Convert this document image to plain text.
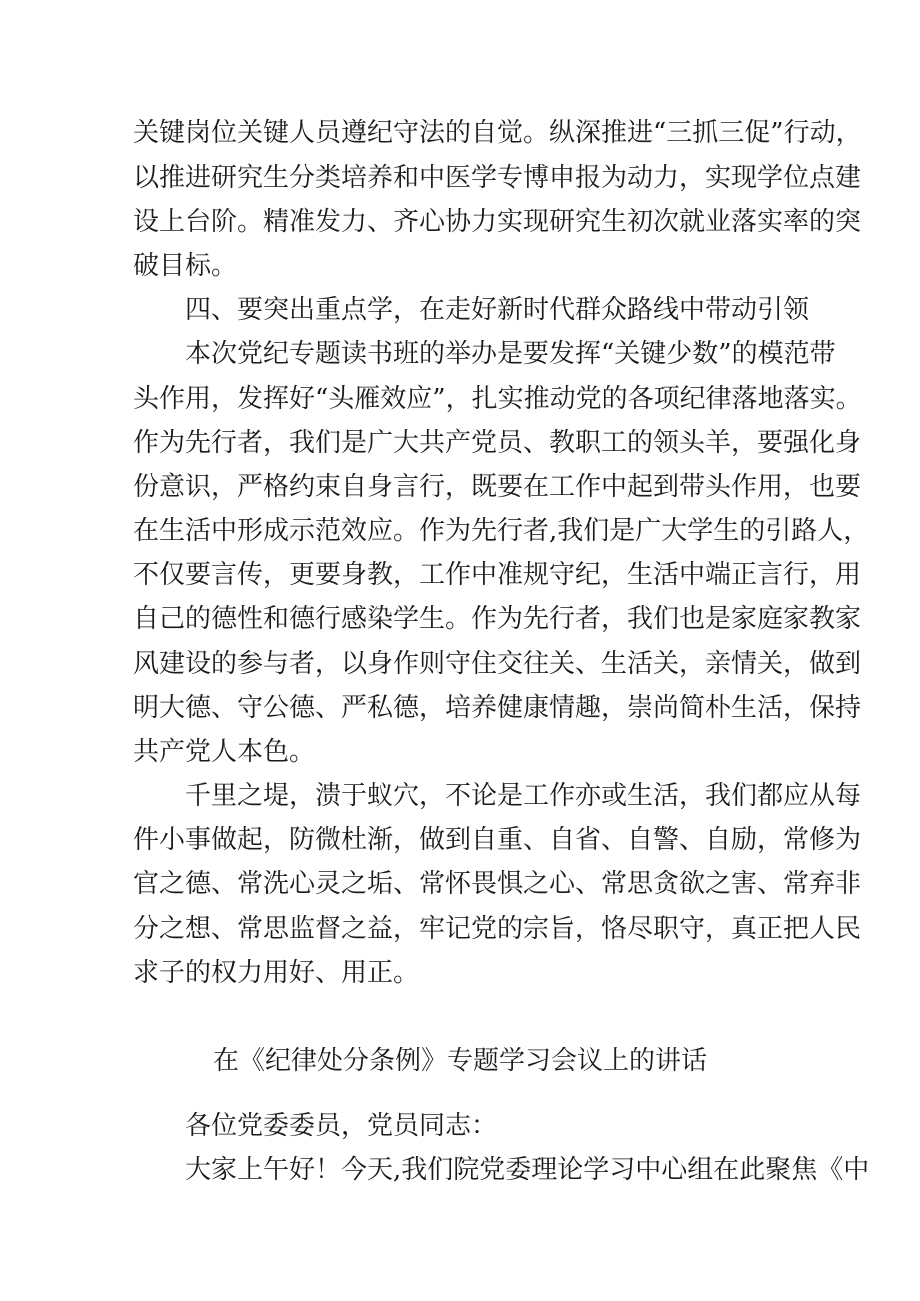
关键岗位关键人员遵纪守法的自觉。纵深推进“三抓三促”行动，
以推进研究生分类培养和中医学专博申报为动力，实现学位点建
设上台阶。精准发力、齐心协力实现研究生初次就业落实率的突
破目标。
四、要突出重点学，在走好新时代群众路线中带动引领
本次党纪专题读书班的举办是要发挥“关键少数”的模范带
头作用，发挥好“头雁效应”，扎实推动党的各项纪律落地落实。
作为先行者，我们是广大共产党员、教职工的领头羊，要强化身
份意识，严格约束自身言行，既要在工作中起到带头作用，也要
在生活中形成示范效应。作为先行者,我们是广大学生的引路人，
不仅要言传，更要身教，工作中准规守纪，生活中端正言行，用
自己的德性和德行感染学生。作为先行者，我们也是家庭家教家
风建设的参与者，以身作则守住交往关、生活关，亲情关，做到
明大德、守公德、严私德，培养健康情趣，崇尚简朴生活，保持
共产党人本色。
千里之堤，溃于蚁穴，不论是工作亦或生活，我们都应从每
件小事做起，防微杜渐，做到自重、自省、自警、自励，常修为
官之德、常洗心灵之垢、常怀畏惧之心、常思贪欲之害、常弃非
分之想、常思监督之益，牢记党的宗旨，恪尽职守，真正把人民
求子的权力用好、用正。
在《纪律处分条例》专题学习会议上的讲话
各位党委委员，党员同志：
大家上午好！今天,我们院党委理论学习中心组在此聚焦《中
